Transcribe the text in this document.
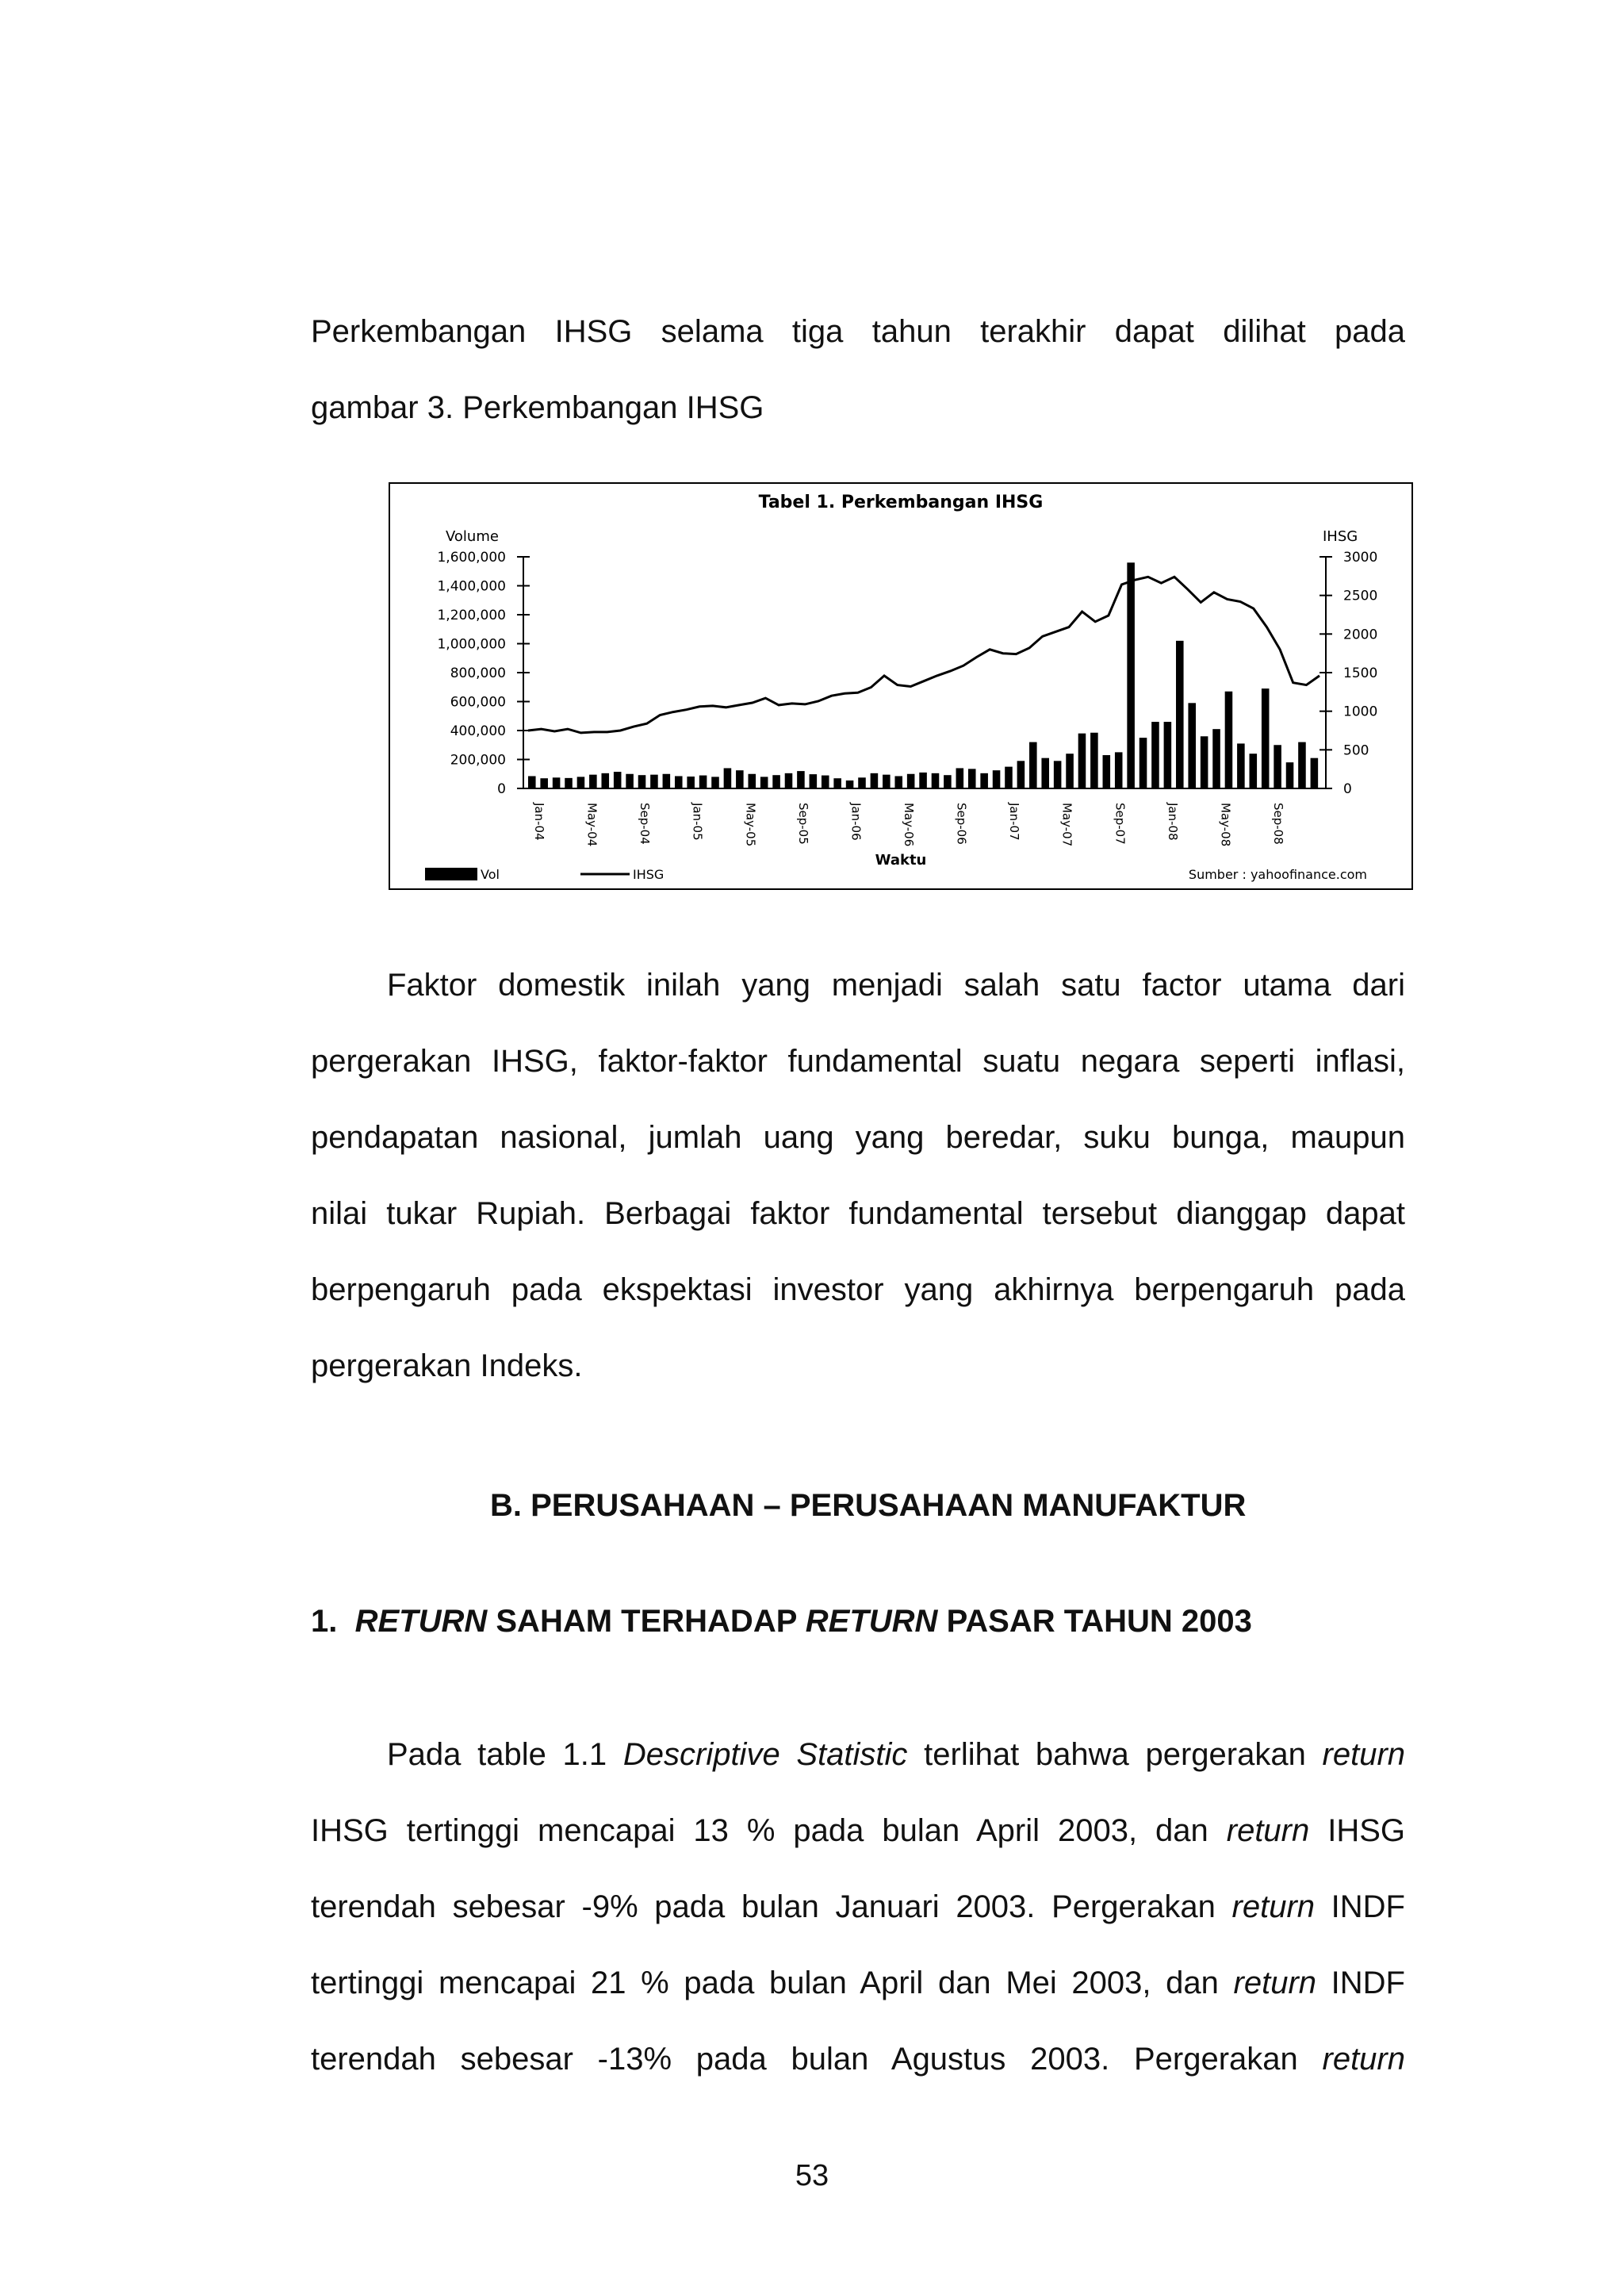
Perkembangan IHSG selama tiga tahun terakhir dapat dilihat pada
gambar 3. Perkembangan IHSG

Tabel 1. Perkembangan IHSG
Volume	IHSG
1,600,000
1,400,000
1,200,000
1,000,000
800,000
600,000
400,000
200,000
0
3000
2500
2000
1500
1000
500
0
Jan-04	May-04	Sep-04	Jan-05	May-05	Sep-05	Jan-06	May-06	Sep-06	Jan-07	May-07	Sep-07	Jan-08	May-08	Sep-08
Waktu
Vol	IHSG	Sumber : yahoofinance.com

Faktor domestik inilah yang menjadi salah satu factor utama dari
pergerakan IHSG, faktor-faktor fundamental suatu negara seperti inflasi,
pendapatan nasional, jumlah uang yang beredar, suku bunga, maupun
nilai tukar Rupiah. Berbagai faktor fundamental tersebut dianggap dapat
berpengaruh pada ekspektasi investor yang akhirnya berpengaruh pada
pergerakan Indeks.

B. PERUSAHAAN – PERUSAHAAN MANUFAKTUR
1. RETURN SAHAM TERHADAP RETURN PASAR TAHUN 2003

Pada table 1.1 Descriptive Statistic terlihat bahwa pergerakan return
IHSG tertinggi mencapai 13 % pada bulan April 2003, dan return IHSG
terendah sebesar -9% pada bulan Januari 2003. Pergerakan return INDF
tertinggi mencapai 21 % pada bulan April dan Mei 2003, dan return INDF
terendah sebesar -13% pada bulan Agustus 2003. Pergerakan return

53
